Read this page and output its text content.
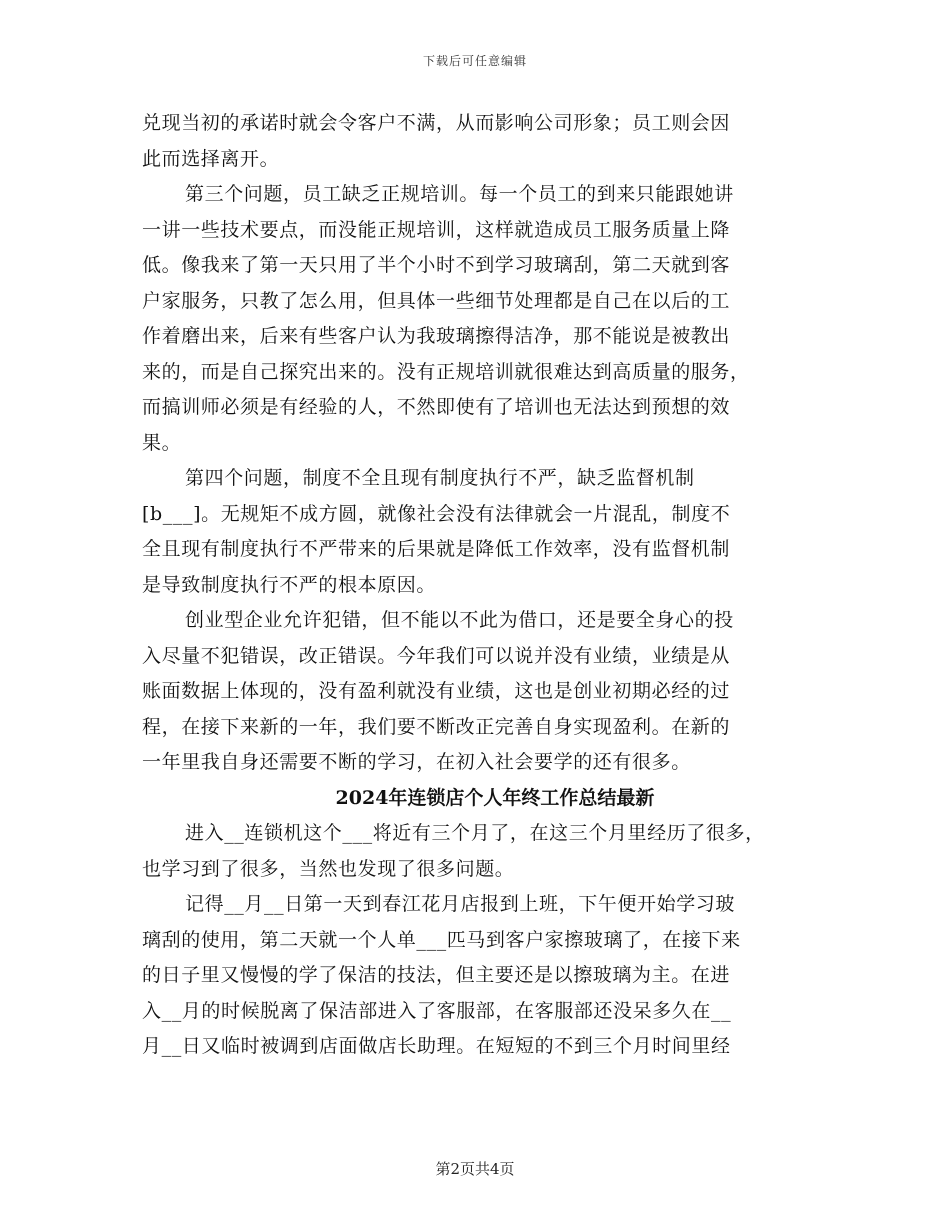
下载后可任意编辑
兑现当初的承诺时就会令客户不满，从而影响公司形象；员工则会因
此而选择离开。
第三个问题，员工缺乏正规培训。每一个员工的到来只能跟她讲
一讲一些技术要点，而没能正规培训，这样就造成员工服务质量上降
低。像我来了第一天只用了半个小时不到学习玻璃刮，第二天就到客
户家服务，只教了怎么用，但具体一些细节处理都是自己在以后的工
作着磨出来，后来有些客户认为我玻璃擦得洁净，那不能说是被教出
来的，而是自己探究出来的。没有正规培训就很难达到高质量的服务，
而搞训师必须是有经验的人，不然即使有了培训也无法达到预想的效
果。
第四个问题，制度不全且现有制度执行不严，缺乏监督机制
[b___]。无规矩不成方圆，就像社会没有法律就会一片混乱，制度不
全且现有制度执行不严带来的后果就是降低工作效率，没有监督机制
是导致制度执行不严的根本原因。
创业型企业允许犯错，但不能以不此为借口，还是要全身心的投
入尽量不犯错误，改正错误。今年我们可以说并没有业绩，业绩是从
账面数据上体现的，没有盈利就没有业绩，这也是创业初期必经的过
程，在接下来新的一年，我们要不断改正完善自身实现盈利。在新的
一年里我自身还需要不断的学习，在初入社会要学的还有很多。
2024年连锁店个人年终工作总结最新
进入__连锁机这个___将近有三个月了，在这三个月里经历了很多，
也学习到了很多，当然也发现了很多问题。
记得__月__日第一天到春江花月店报到上班，下午便开始学习玻
璃刮的使用，第二天就一个人单___匹马到客户家擦玻璃了，在接下来
的日子里又慢慢的学了保洁的技法，但主要还是以擦玻璃为主。在进
入__月的时候脱离了保洁部进入了客服部，在客服部还没呆多久在__
月__日又临时被调到店面做店长助理。在短短的不到三个月时间里经
第2页共4页
